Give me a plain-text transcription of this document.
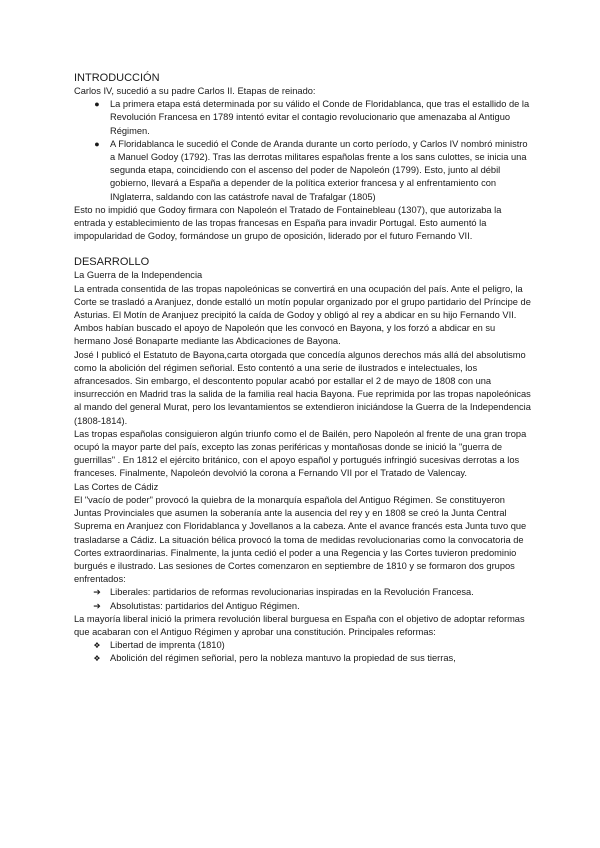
INTRODUCCIÓN

Carlos IV, sucedió a su padre Carlos II. Etapas de reinado:

●	La primera etapa está determinada por su válido el Conde de Floridablanca, que tras el estallido de la Revolución Francesa en 1789 intentó evitar el contagio revolucionario que amenazaba al Antiguo Régimen.
●	A Floridablanca le sucedió el Conde de Aranda durante un corto período, y Carlos IV nombró ministro a Manuel Godoy (1792). Tras las derrotas militares españolas frente a los sans culottes, se inicia una segunda etapa, coincidiendo con el ascenso del poder de Napoleón (1799). Esto, junto al débil gobierno, llevará a España a depender de la política exterior francesa y al enfrentamiento con INglaterra, saldando con las catástrofe naval de Trafalgar (1805)

Esto no impidió que Godoy firmara con Napoleón el Tratado de Fontainebleau (1307), que autorizaba la entrada y establecimiento de las tropas francesas en España para invadir Portugal. Esto aumentó la impopularidad de Godoy, formándose un grupo de oposición, liderado por el futuro Fernando VII.

DESARROLLO

La Guerra de la Independencia

La entrada consentida de las tropas napoleónicas se convertirá en una ocupación del país. Ante el peligro, la Corte se trasladó a Aranjuez, donde estalló un motín popular organizado por el grupo partidario del Príncipe de Asturias. El Motín de Aranjuez precipitó la caída de Godoy y obligó al rey a abdicar en su hijo Fernando VII. Ambos habían buscado el apoyo de Napoleón que les convocó en Bayona, y los forzó a abdicar en su hermano José Bonaparte mediante las Abdicaciones de Bayona.

José I publicó el Estatuto de Bayona,carta otorgada que concedía algunos derechos más allá del absolutismo como la abolición del régimen señorial. Esto contentó a una serie de ilustrados e intelectuales, los afrancesados. Sin embargo, el descontento popular acabó por estallar el 2 de mayo de 1808 con una insurrección en Madrid tras la salida de la familia real hacia Bayona. Fue reprimida por las tropas napoleónicas al mando del general Murat, pero los levantamientos se extendieron iniciándose la Guerra de la Independencia (1808-1814).

Las tropas españolas consiguieron algún triunfo como el de Bailén, pero Napoleón al frente de una gran tropa ocupó la mayor parte del país, excepto las zonas periféricas y montañosas donde se inició la "guerra de guerrillas" . En 1812 el ejército británico, con el apoyo español y portugués infringió sucesivas derrotas a los franceses. Finalmente, Napoleón devolvió la corona a Fernando VII por el Tratado de Valencay.

Las Cortes de Cádiz

El "vacío de poder" provocó la quiebra de la monarquía española del Antiguo Régimen. Se constituyeron Juntas Provinciales que asumen la soberanía ante la ausencia del rey y en 1808 se creó la Junta Central Suprema en Aranjuez con Floridablanca y Jovellanos a la cabeza. Ante el avance francés esta Junta tuvo que trasladarse a Cádiz. La situación bélica provocó la toma de medidas revolucionarias como la convocatoria de Cortes extraordinarias. Finalmente, la junta cedió el poder a una Regencia y las Cortes tuvieron predominio burgués e ilustrado. Las sesiones de Cortes comenzaron en septiembre de 1810 y se formaron dos grupos enfrentados:

➔ Liberales: partidarios de reformas revolucionarias inspiradas en la Revolución Francesa.
➔ Absolutistas: partidarios del Antiguo Régimen.

La mayoría liberal inició la primera revolución liberal burguesa en España con el objetivo de adoptar reformas que acabaran con el Antiguo Régimen y aprobar una constitución. Principales reformas:

❖ Libertad de imprenta (1810)
❖ Abolición del régimen señorial, pero la nobleza mantuvo la propiedad de sus tierras,
